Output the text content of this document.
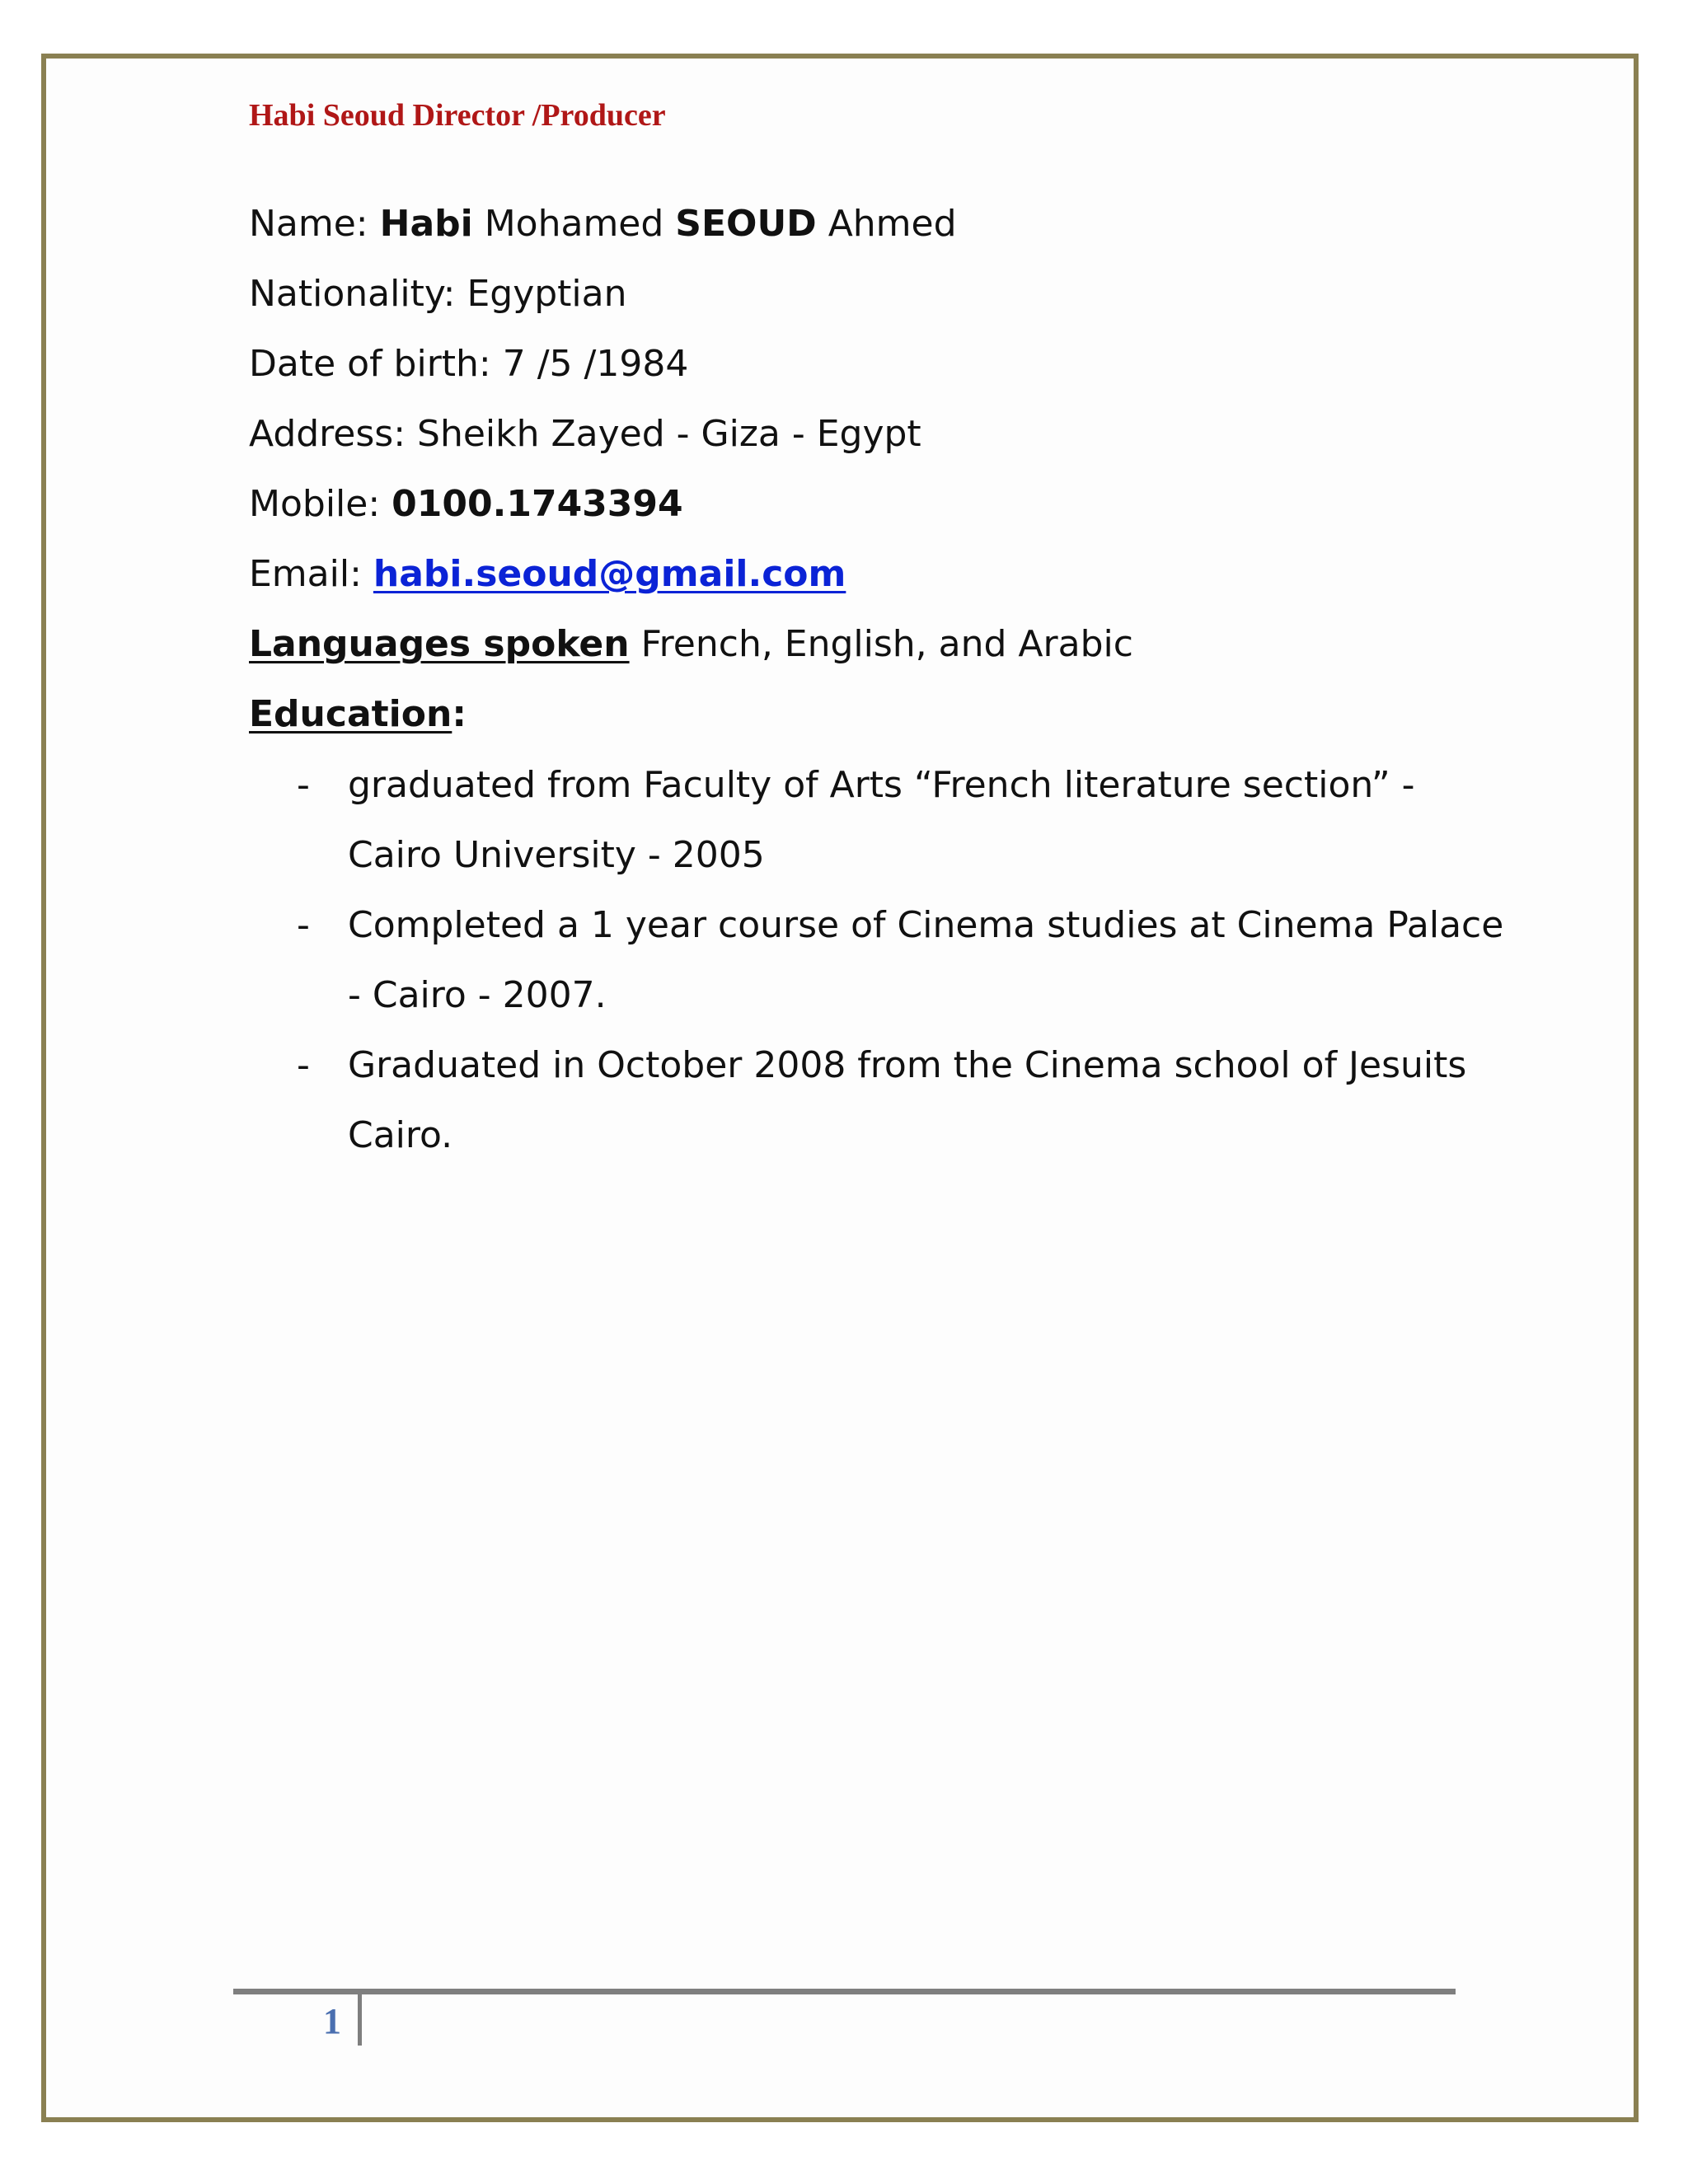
Habi Seoud Director /Producer

Name: Habi Mohamed SEOUD Ahmed

Nationality: Egyptian

Date of birth: 7 /5 /1984

Address: Sheikh Zayed - Giza - Egypt

Mobile: 0100.1743394

Email: habi.seoud@gmail.com

Languages spoken French, English, and Arabic

Education:

- graduated from Faculty of Arts “French literature section” -
Cairo University - 2005
- Completed a 1 year course of Cinema studies at Cinema Palace
- Cairo - 2007.
- Graduated in October 2008 from the Cinema school of Jesuits
Cairo.
1
